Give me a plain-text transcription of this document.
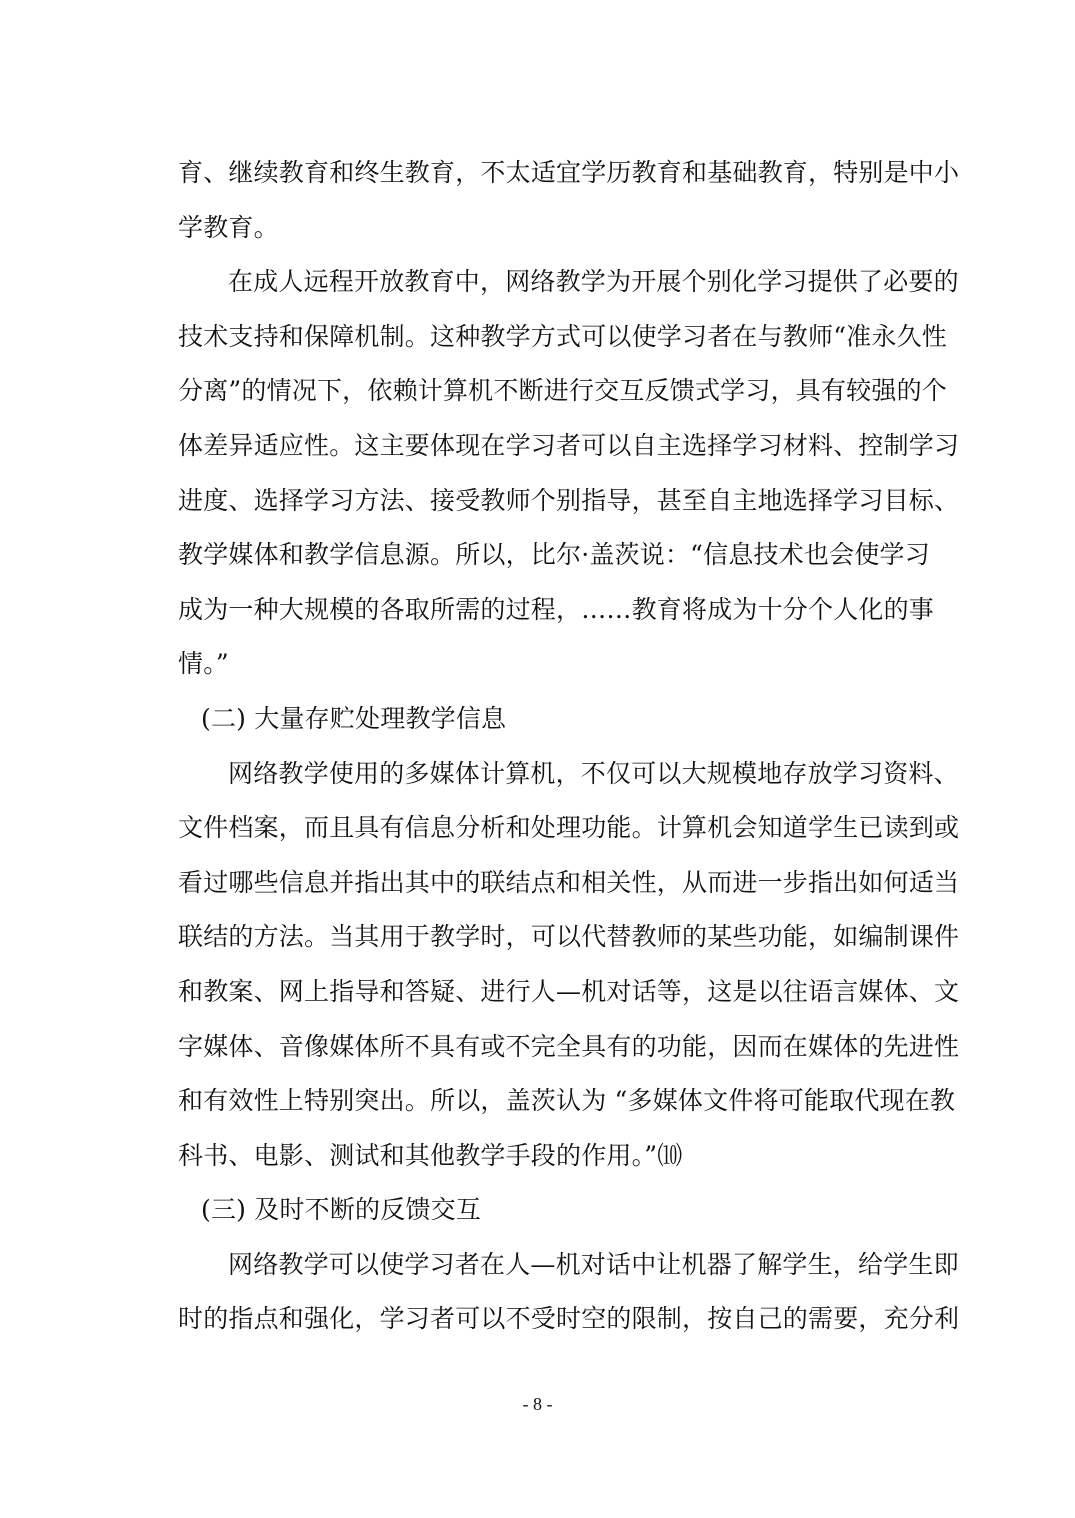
育、继续教育和终生教育，不太适宜学历教育和基础教育，特别是中小
学教育。
在成人远程开放教育中，网络教学为开展个别化学习提供了必要的
技术支持和保障机制。这种教学方式可以使学习者在与教师“准永久性
分离”的情况下，依赖计算机不断进行交互反馈式学习，具有较强的个
体差异适应性。这主要体现在学习者可以自主选择学习材料、控制学习
进度、选择学习方法、接受教师个别指导，甚至自主地选择学习目标、
教学媒体和教学信息源。所以，比尔·盖茨说：“信息技术也会使学习
成为一种大规模的各取所需的过程，……教育将成为十分个人化的事
情。”
(二) 大量存贮处理教学信息
网络教学使用的多媒体计算机，不仅可以大规模地存放学习资料、
文件档案，而且具有信息分析和处理功能。计算机会知道学生已读到或
看过哪些信息并指出其中的联结点和相关性，从而进一步指出如何适当
联结的方法。当其用于教学时，可以代替教师的某些功能，如编制课件
和教案、网上指导和答疑、进行人—机对话等，这是以往语言媒体、文
字媒体、音像媒体所不具有或不完全具有的功能，因而在媒体的先进性
和有效性上特别突出。所以，盖茨认为 “多媒体文件将可能取代现在教
科书、电影、测试和其他教学手段的作用。”⑽
(三) 及时不断的反馈交互
网络教学可以使学习者在人—机对话中让机器了解学生，给学生即
时的指点和强化，学习者可以不受时空的限制，按自己的需要，充分利
- 8 -
